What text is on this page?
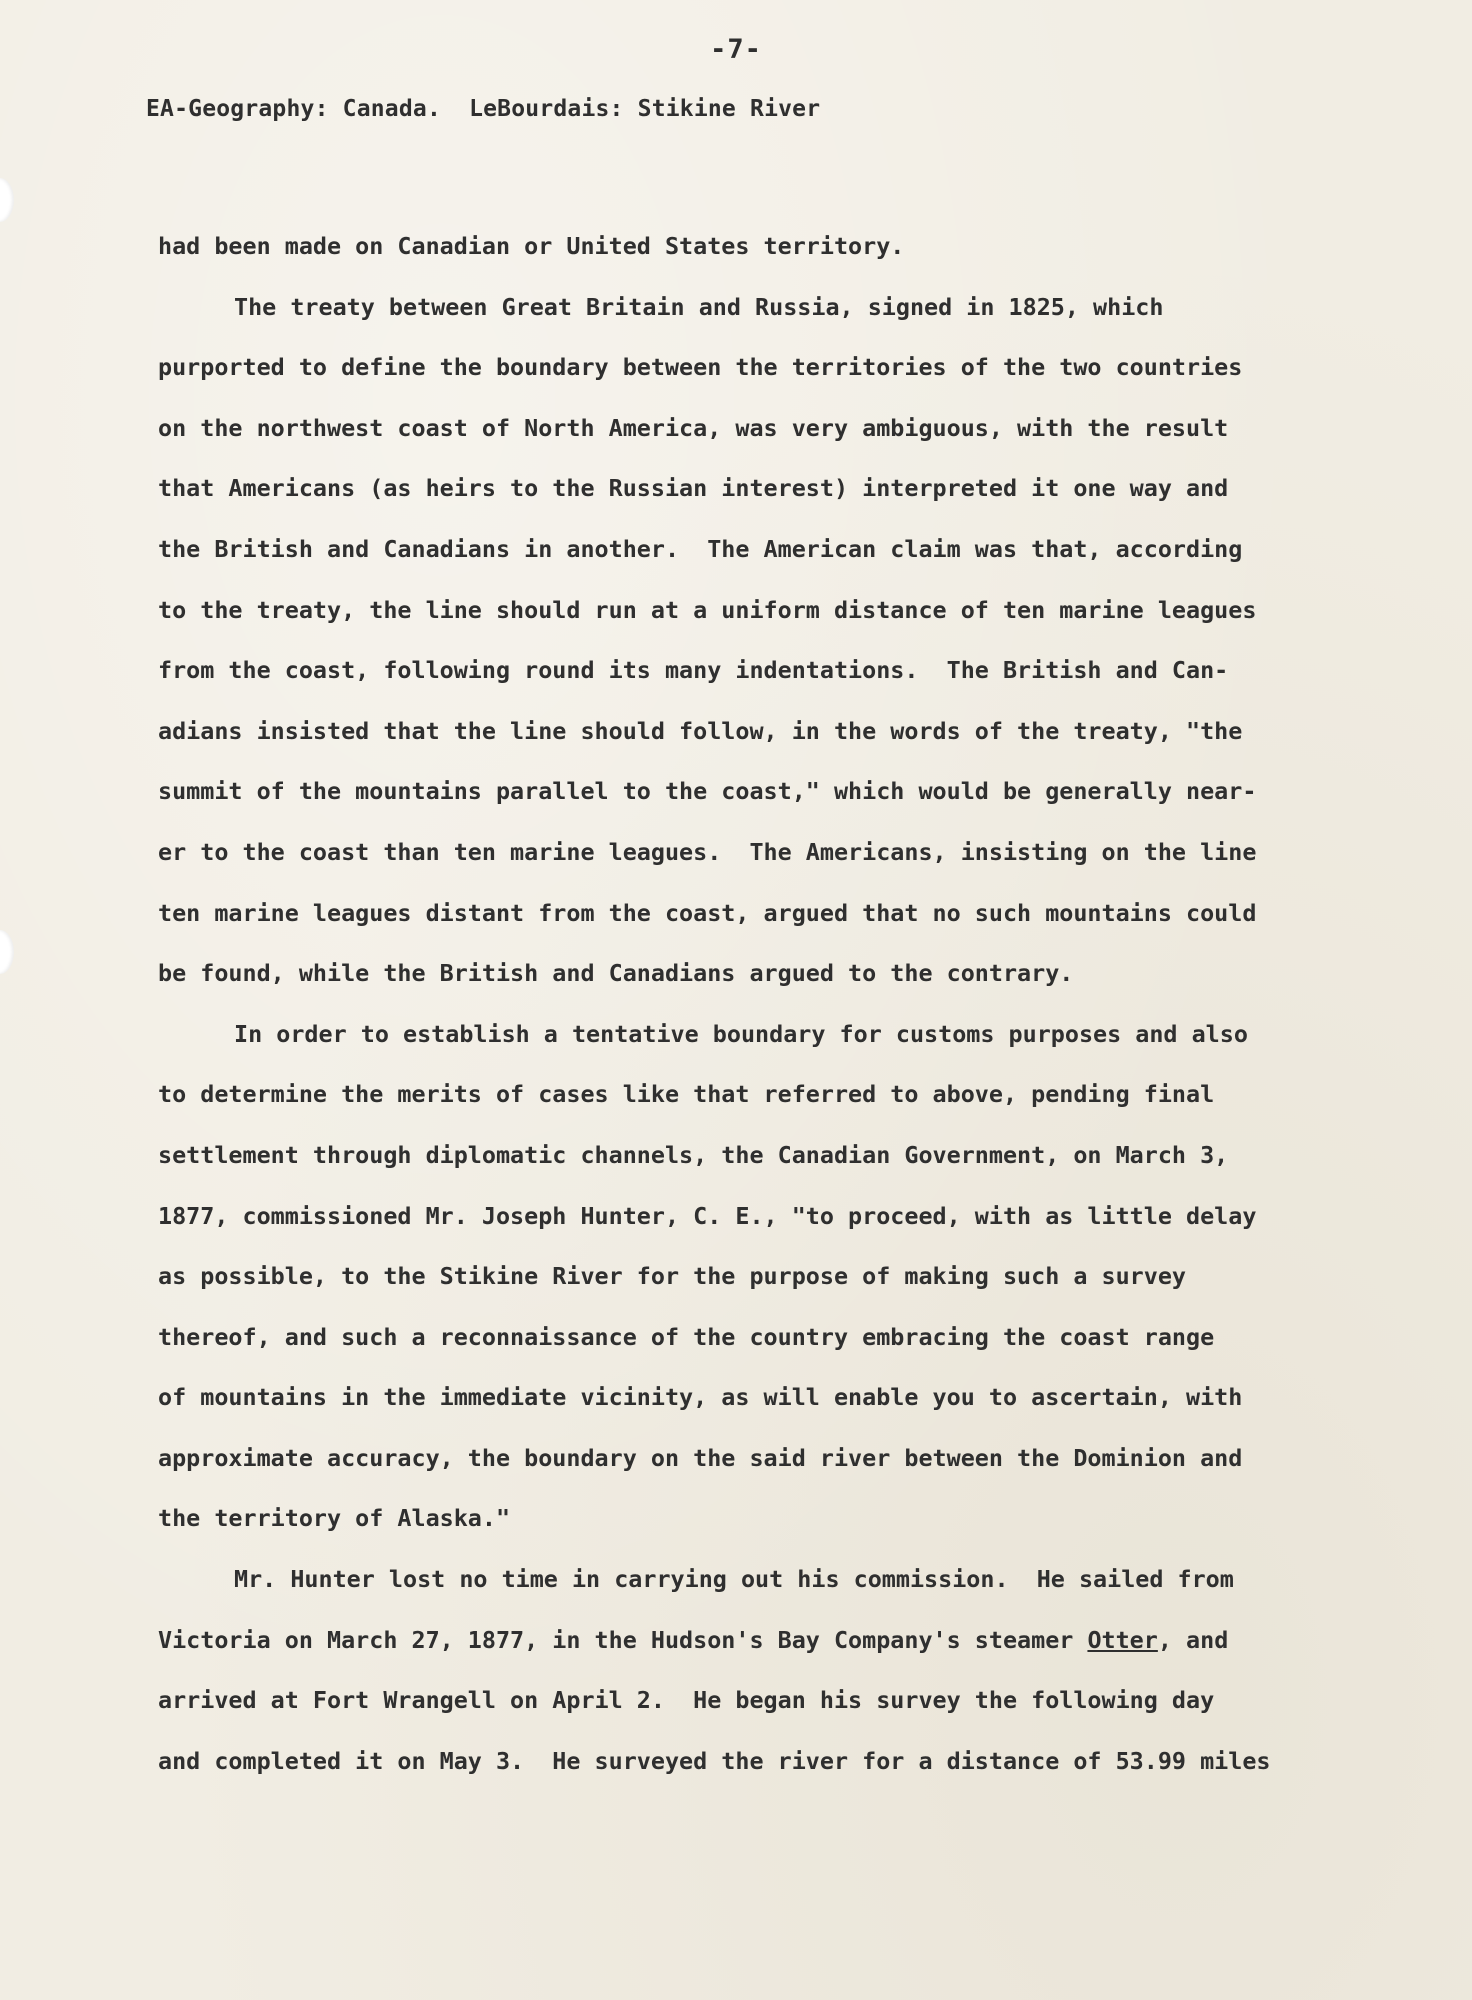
-7-
EA-Geography: Canada.  LeBourdais: Stikine River
had been made on Canadian or United States territory.
The treaty between Great Britain and Russia, signed in 1825, which
purported to define the boundary between the territories of the two countries
on the northwest coast of North America, was very ambiguous, with the result
that Americans (as heirs to the Russian interest) interpreted it one way and
the British and Canadians in another.  The American claim was that, according
to the treaty, the line should run at a uniform distance of ten marine leagues
from the coast, following round its many indentations.  The British and Can-
adians insisted that the line should follow, in the words of the treaty, "the
summit of the mountains parallel to the coast," which would be generally near-
er to the coast than ten marine leagues.  The Americans, insisting on the line
ten marine leagues distant from the coast, argued that no such mountains could
be found, while the British and Canadians argued to the contrary.
In order to establish a tentative boundary for customs purposes and also
to determine the merits of cases like that referred to above, pending final
settlement through diplomatic channels, the Canadian Government, on March 3,
1877, commissioned Mr. Joseph Hunter, C. E., "to proceed, with as little delay
as possible, to the Stikine River for the purpose of making such a survey
thereof, and such a reconnaissance of the country embracing the coast range
of mountains in the immediate vicinity, as will enable you to ascertain, with
approximate accuracy, the boundary on the said river between the Dominion and
the territory of Alaska."
Mr. Hunter lost no time in carrying out his commission.  He sailed from
Victoria on March 27, 1877, in the Hudson's Bay Company's steamer Otter, and
arrived at Fort Wrangell on April 2.  He began his survey the following day
and completed it on May 3.  He surveyed the river for a distance of 53.99 miles
